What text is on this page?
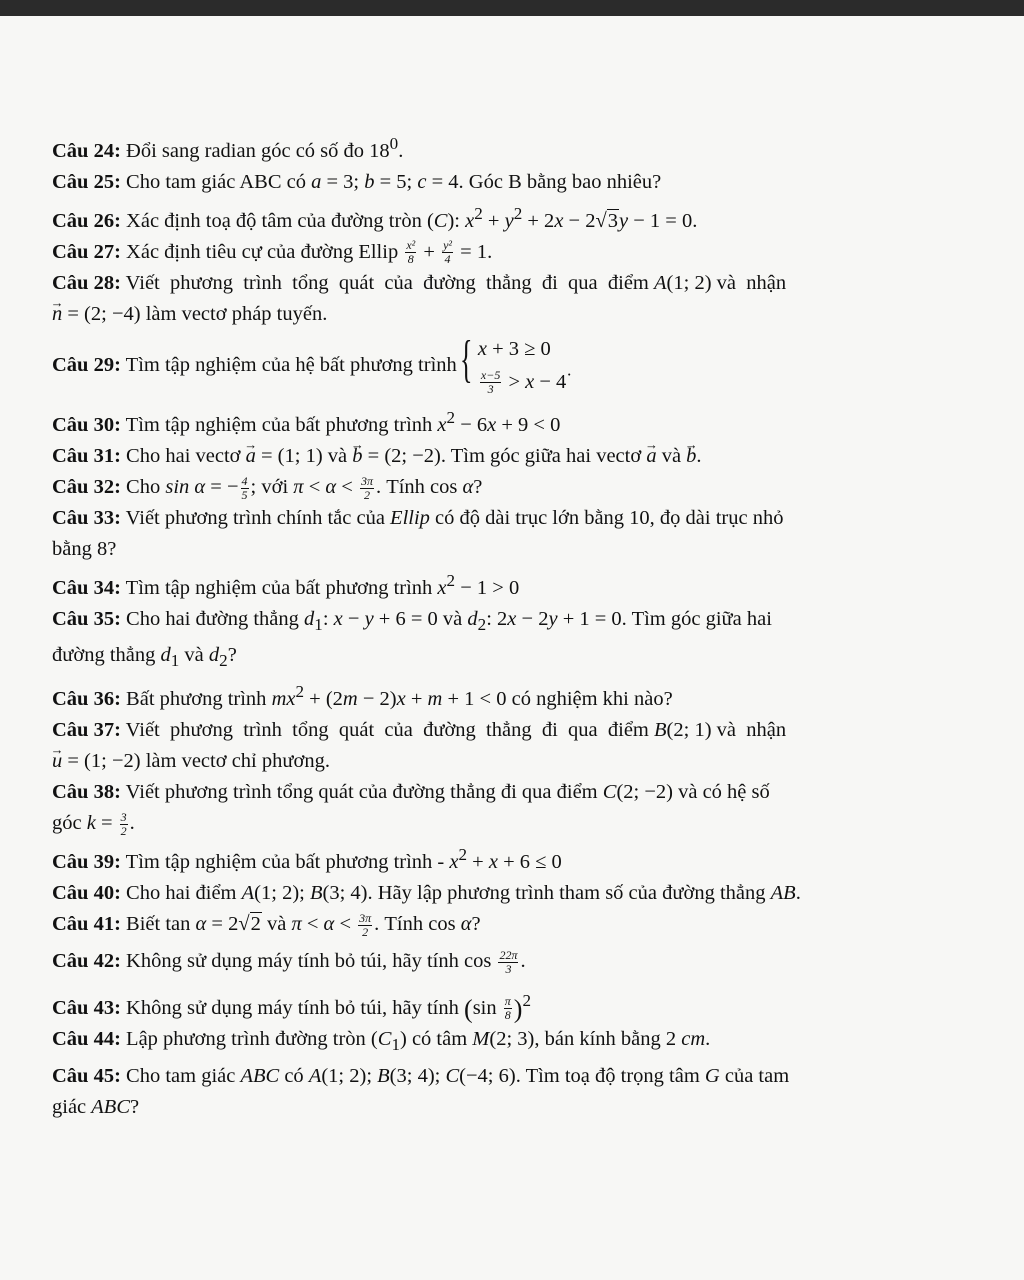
Câu 24: Đổi sang radian góc có số đo $18^0$.

Câu 25: Cho tam giác ABC có a = 3; b = 5; c = 4. Góc B bằng bao nhiêu?

Câu 26: Xác định toạ độ tâm của đường tròn (C): $x^2 + y^2 + 2x - 2√3y - 1 = 0$.

Câu 27: Xác định tiêu cự của đường Ellip $\frac{\text{x²}}{8} + \frac{\text{y²}}{4} = 1$.

Câu 28: Viết  phương  trình  tổng  quát  của  đường  thẳng  đi  qua  điểm A(1; 2) và  nhận
→ n = (2; −4) làm vectơ pháp tuyến.

Câu 29: Tìm tập nghiệm của hệ bất phương trình
{ x + 3 ≥ 0
$\frac{x-5}{3} > x - 4^\cdot$

Câu 30: Tìm tập nghiệm của bất phương trình $x^2 - 6x + 9 < 0$

Câu 31: Cho hai vectơ → a = (1; 1) và → b = (2; −2). Tìm góc giữa hai vectơ → a và → b.

Câu 32: Cho sin α = − $\frac{4}{5}$ ; với $\pi < \alpha < \frac{3\pi}{2}$ . Tính cos α?

Câu 33: Viết phương trình chính tắc của Ellip có độ dài trục lớn bằng 10, đọ dài trục nhỏ
bằng 8?

Câu 34: Tìm tập nghiệm của bất phương trình $x^2 - 1 > 0$

Câu 35: Cho hai đường thẳng $d_1$: x − y + 6 = 0 và $d_2$: 2x − 2y + 1 = 0. Tìm góc giữa hai
đường thẳng $d_1$ và $d_2$?

Câu 36: Bất phương trình $mx^2 + (2m - 2)x + m + 1 < 0$ có nghiệm khi nào?

Câu 37: Viết  phương  trình  tổng  quát  của  đường  thẳng  đi  qua  điểm B(2; 1) và  nhận
→ u = (1; −2) làm vectơ chỉ phương.

Câu 38: Viết phương trình tổng quát của đường thẳng đi qua điểm C(2; −2) và có hệ số
góc $k = \frac{3}{2}$ .

Câu 39: Tìm tập nghiệm của bất phương trình - $x^2 + x + 6 \le 0$

Câu 40: Cho hai điểm A(1; 2); B(3; 4). Hãy lập phương trình tham số của đường thẳng AB.

Câu 41: Biết tan α = 2√2 và $\pi < \alpha < \frac{3\pi}{2}$ . Tính cos α?

Câu 42: Không sử dụng máy tính bỏ túi, hãy tính $\cos \frac{22\pi}{3}$ .

Câu 43: Không sử dụng máy tính bỏ túi, hãy tính $(\sin \frac{\pi}{8} )^2$

Câu 44: Lập phương trình đường tròn $(C_1)$ có tâm M(2; 3), bán kính bằng 2 cm.

Câu 45: Cho tam giác ABC có A(1; 2); B(3; 4); C(−4; 6). Tìm toạ độ trọng tâm G của tam
giác ABC?
